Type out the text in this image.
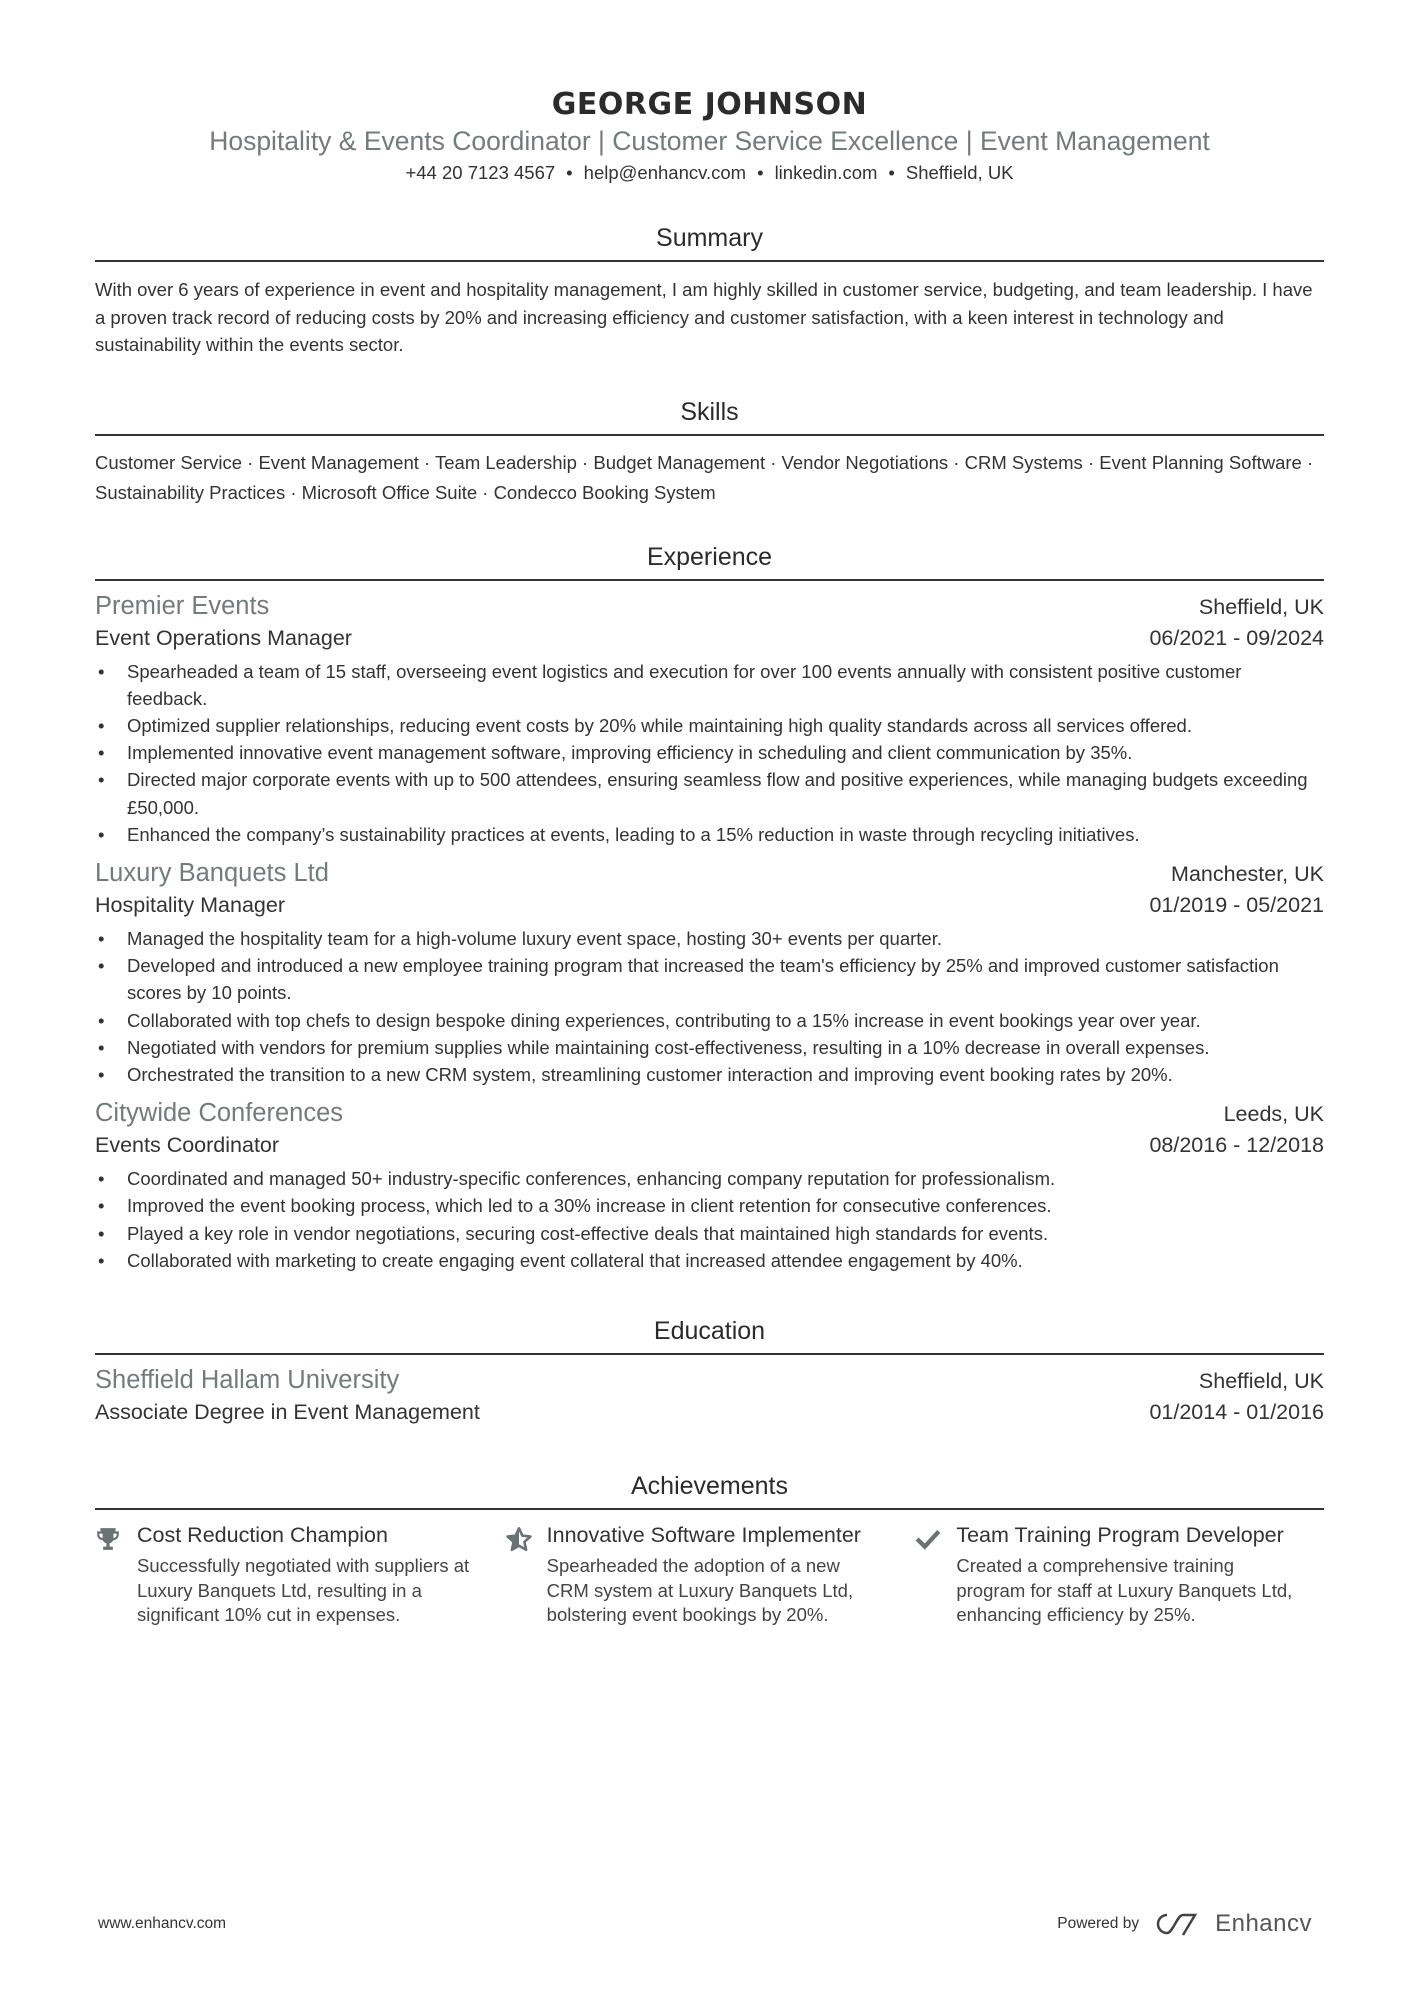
GEORGE JOHNSON
Hospitality & Events Coordinator | Customer Service Excellence | Event Management
+44 20 7123 4567 • help@enhancv.com • linkedin.com • Sheffield, UK
Summary

With over 6 years of experience in event and hospitality management, I am highly skilled in customer service, budgeting, and team leadership. I have a proven track record of reducing costs by 20% and increasing efficiency and customer satisfaction, with a keen interest in technology and sustainability within the events sector.

Skills
Customer Service · Event Management · Team Leadership · Budget Management · Vendor Negotiations · CRM Systems · Event Planning Software · Sustainability Practices · Microsoft Office Suite · Condecco Booking System
Experience
Premier Events	Sheffield, UK
Event Operations Manager	06/2021 - 09/2024
• Spearheaded a team of 15 staff, overseeing event logistics and execution for over 100 events annually with consistent positive customer feedback.
• Optimized supplier relationships, reducing event costs by 20% while maintaining high quality standards across all services offered.
• Implemented innovative event management software, improving efficiency in scheduling and client communication by 35%.
• Directed major corporate events with up to 500 attendees, ensuring seamless flow and positive experiences, while managing budgets exceeding £50,000.
• Enhanced the company’s sustainability practices at events, leading to a 15% reduction in waste through recycling initiatives.
Luxury Banquets Ltd	Manchester, UK
Hospitality Manager	01/2019 - 05/2021
• Managed the hospitality team for a high-volume luxury event space, hosting 30+ events per quarter.
• Developed and introduced a new employee training program that increased the team's efficiency by 25% and improved customer satisfaction scores by 10 points.
• Collaborated with top chefs to design bespoke dining experiences, contributing to a 15% increase in event bookings year over year.
• Negotiated with vendors for premium supplies while maintaining cost-effectiveness, resulting in a 10% decrease in overall expenses.
• Orchestrated the transition to a new CRM system, streamlining customer interaction and improving event booking rates by 20%.
Citywide Conferences	Leeds, UK
Events Coordinator	08/2016 - 12/2018
• Coordinated and managed 50+ industry-specific conferences, enhancing company reputation for professionalism.
• Improved the event booking process, which led to a 30% increase in client retention for consecutive conferences.
• Played a key role in vendor negotiations, securing cost-effective deals that maintained high standards for events.
• Collaborated with marketing to create engaging event collateral that increased attendee engagement by 40%.
Education
Sheffield Hallam University	Sheffield, UK
Associate Degree in Event Management	01/2014 - 01/2016
Achievements
Cost Reduction Champion
Successfully negotiated with suppliers at Luxury Banquets Ltd, resulting in a significant 10% cut in expenses.
Innovative Software Implementer
Spearheaded the adoption of a new CRM system at Luxury Banquets Ltd, bolstering event bookings by 20%.
Team Training Program Developer
Created a comprehensive training program for staff at Luxury Banquets Ltd, enhancing efficiency by 25%.
www.enhancv.com	Powered by	Enhancv
